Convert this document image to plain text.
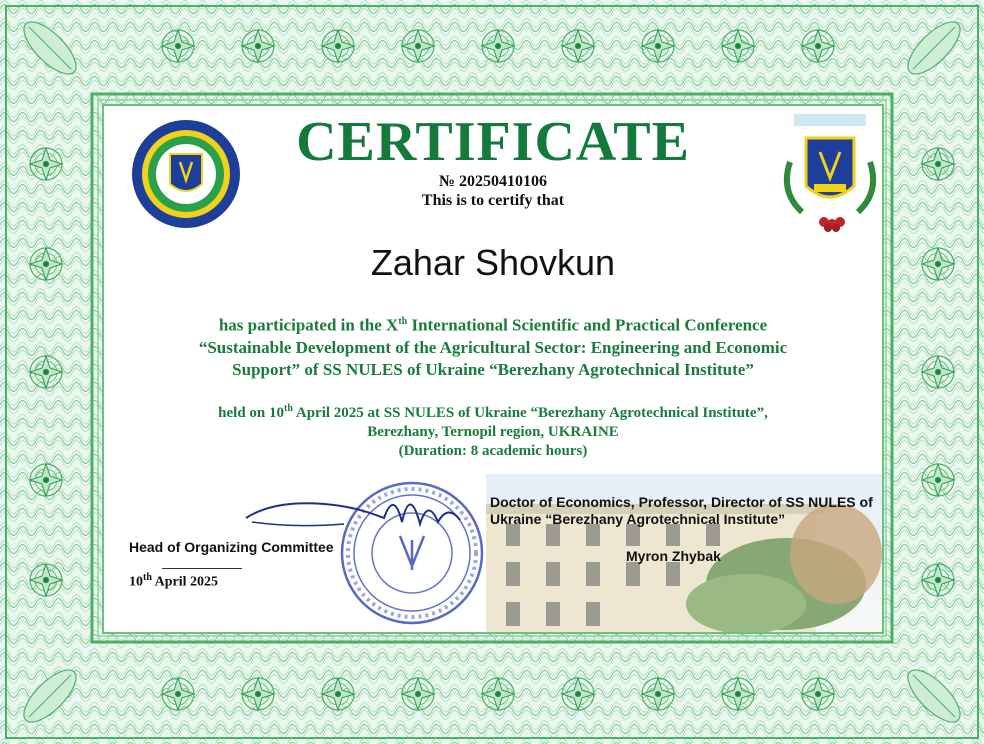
CERTIFICATE
№ 20250410106
This is to certify that
Zahar Shovkun
has participated in the Xth International Scientific and Practical Conference
“Sustainable Development of the Agricultural Sector: Engineering and Economic
Support” of SS NULES of Ukraine “Berezhany Agrotechnical Institute”
held on 10th April 2025 at SS NULES of Ukraine “Berezhany Agrotechnical Institute”,
Berezhany, Ternopil region, UKRAINE
(Duration: 8 academic hours)
Doctor of Economics, Professor, Director of SS NULES of Ukraine “Berezhany Agrotechnical Institute”
Myron Zhybak
Head of Organizing Committee
10th April 2025
